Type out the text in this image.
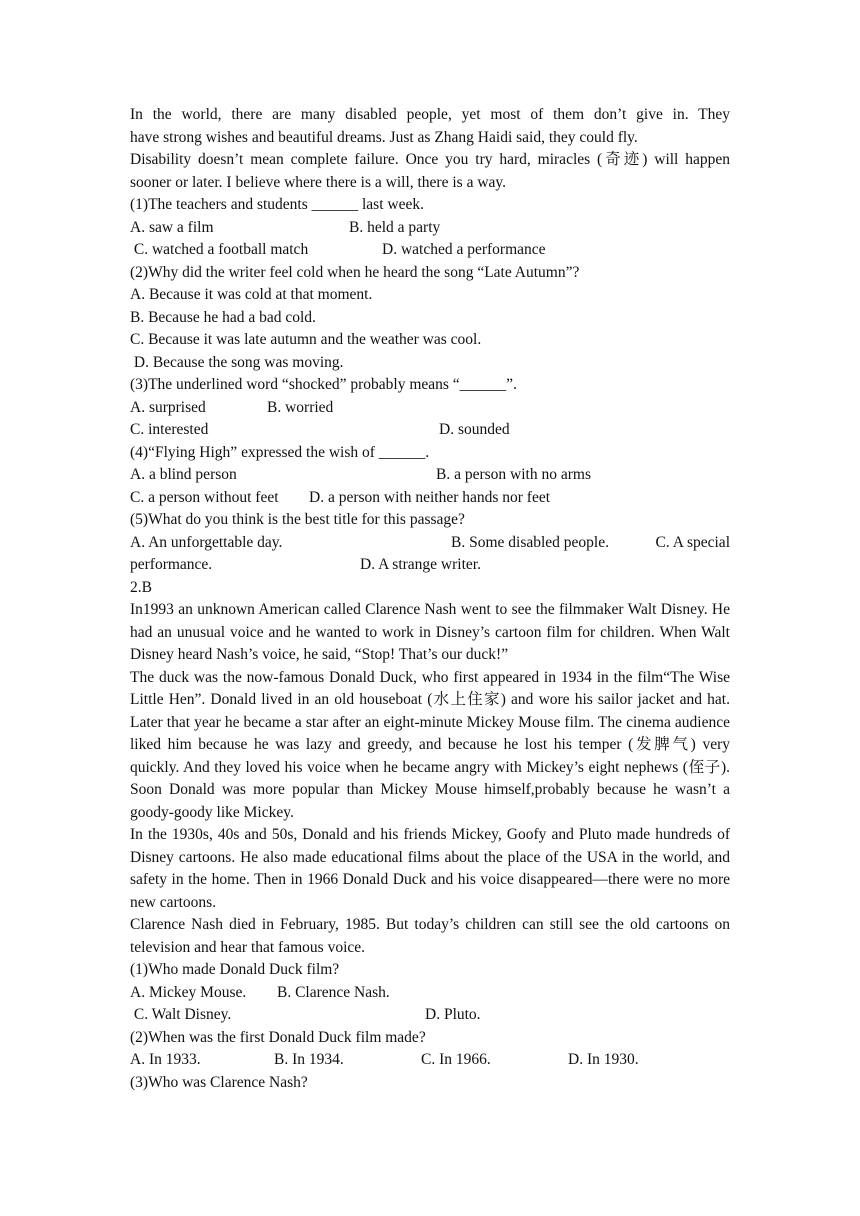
In the world, there are many disabled people, yet most of them don’t give in. They

have strong wishes and beautiful dreams. Just as Zhang Haidi said, they could fly.

Disability doesn’t mean complete failure. Once you try hard, miracles (奇迹) will happen sooner or later. I believe where there is a will, there is a way.

(1)The teachers and students ______ last week.

A. saw a film

	B. held a party

C. watched a football match

	D. watched a performance

(2)Why did the writer feel cold when he heard the song “Late Autumn”?

A. Because it was cold at that moment.

B. Because he had a bad cold.

C. Because it was late autumn and the weather was cool.

D. Because the song was moving.

(3)The underlined word “shocked” probably means “______”.

A. surprised

	B. worried

C. interested

	D. sounded

(4)“Flying High” expressed the wish of ______.

A. a blind person

	B. a person with no arms

C. a person without feet

D. a person with neither hands nor feet

(5)What do you think is the best title for this passage?

A. An unforgettable day.

	B. Some disabled people.

	C. A special

performance.

	D. A strange writer.

2.B

In1993 an unknown American called Clarence Nash went to see the filmmaker Walt Disney. He had an unusual voice and he wanted to work in Disney’s cartoon film for children. When Walt Disney heard Nash’s voice, he said, “Stop! That’s our duck!”

The duck was the now-famous Donald Duck, who first appeared in 1934 in the film“The Wise Little Hen”. Donald lived in an old houseboat (水上住家) and wore his sailor jacket and hat. Later that year he became a star after an eight-minute Mickey Mouse film. The cinema audience liked him because he was lazy and greedy, and because he lost his temper (发脾气) very quickly. And they loved his voice when he became angry with Mickey’s eight nephews (侄子). Soon Donald was more popular than Mickey Mouse himself,probably because he wasn’t a goody-goody like Mickey.

In the 1930s, 40s and 50s, Donald and his friends Mickey, Goofy and Pluto made hundreds of Disney cartoons. He also made educational films about the place of the USA in the world, and safety in the home. Then in 1966 Donald Duck and his voice disappeared—there were no more new cartoons.

Clarence Nash died in February, 1985. But today’s children can still see the old cartoons on television and hear that famous voice.

(1)Who made Donald Duck film?

A. Mickey Mouse.

B. Clarence Nash.

C. Walt Disney.

	D. Pluto.

(2)When was the first Donald Duck film made?

A. In 1933.

	B. In 1934.

	C. In 1966.

	D. In 1930.

(3)Who was Clarence Nash?
